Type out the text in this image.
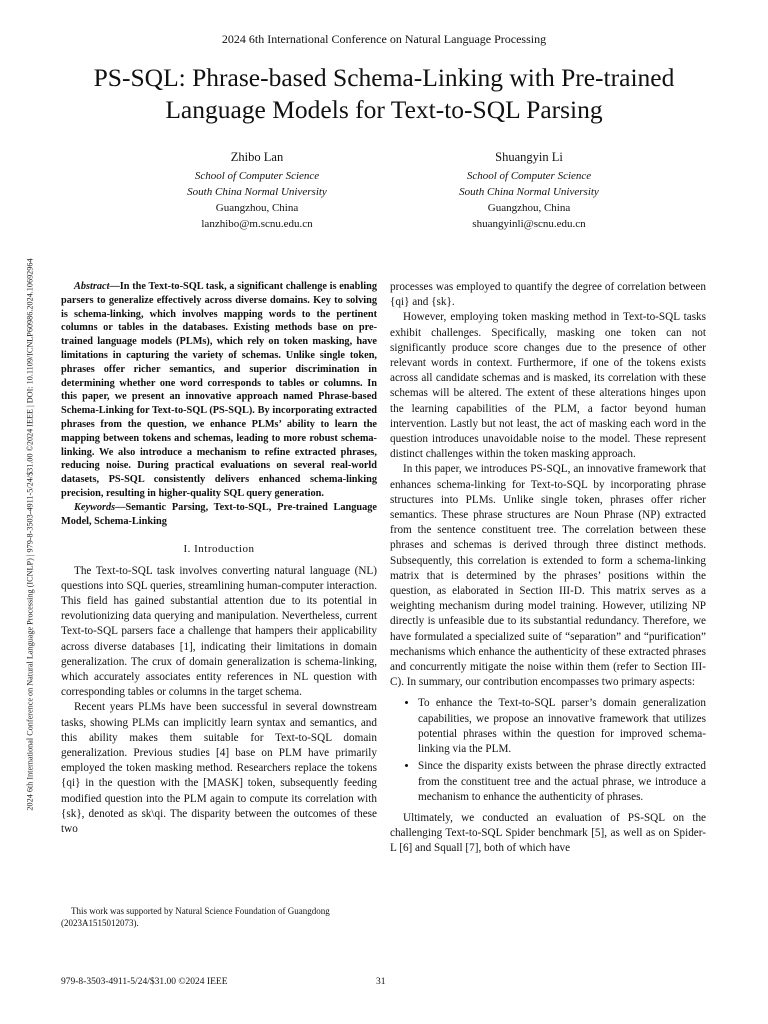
2024 6th International Conference on Natural Language Processing
PS-SQL: Phrase-based Schema-Linking with Pre-trained
Language Models for Text-to-SQL Parsing
Zhibo Lan
School of Computer Science
South China Normal University
Guangzhou, China
lanzhibo@m.scnu.edu.cn
Shuangyin Li
School of Computer Science
South China Normal University
Guangzhou, China
shuangyinli@scnu.edu.cn
2024 6th International Conference on Natural Language Processing (ICNLP) | 979-8-3503-4911-5/24/$31.00 ©2024 IEEE | DOI: 10.1109/ICNLP60986.2024.10692964	Abstract—In the Text-to-SQL task, a significant challenge is enabling parsers to generalize effectively across diverse domains. Key to solving is schema-linking, which involves mapping words to the pertinent columns or tables in the databases. Existing methods base on pre-trained language models (PLMs), which rely on token masking, have limitations in capturing the variety of schemas. Unlike single token, phrases offer richer semantics, and superior discrimination in determining whether one word corresponds to tables or columns. In this paper, we present an innovative approach named Phrase-based Schema-Linking for Text-to-SQL (PS-SQL). By incorporating extracted phrases from the question, we enhance PLMs’ ability to learn the mapping between tokens and schemas, leading to more robust schema-linking. We also introduce a mechanism to refine extracted phrases, reducing noise. During practical evaluations on several real-world datasets, PS-SQL consistently delivers enhanced schema-linking precision, resulting in higher-quality SQL query generation.

Keywords—Semantic Parsing, Text-to-SQL, Pre-trained Language Model, Schema-Linking

I. Introduction

The Text-to-SQL task involves converting natural language (NL) questions into SQL queries, streamlining human-computer interaction. This field has gained substantial attention due to its potential in revolutionizing data querying and manipulation. Nevertheless, current Text-to-SQL parsers face a challenge that hampers their applicability across diverse databases [1], indicating their limitations in domain generalization. The crux of domain generalization is schema-linking, which accurately associates entity references in NL question with corresponding tables or columns in the target schema.

Recent years PLMs have been successful in several downstream tasks, showing PLMs can implicitly learn syntax and semantics, and this ability makes them suitable for Text-to-SQL domain generalization. Previous studies [4] base on PLM have primarily employed the token masking method. Researchers replace the tokens {qi} in the question with the [MASK] token, subsequently feeding modified question into the PLM again to compute its correlation with {sk}, denoted as sk\qi. The disparity between the outcomes of these two

This work was supported by Natural Science Foundation of Guangdong (2023A1515012073).

processes was employed to quantify the degree of correlation between {qi} and {sk}.

However, employing token masking method in Text-to-SQL tasks exhibit challenges. Specifically, masking one token can not significantly produce score changes due to the presence of other relevant words in context. Furthermore, if one of the tokens exists across all candidate schemas and is masked, its correlation with these schemas will be altered. The extent of these alterations hinges upon the learning capabilities of the PLM, a factor beyond human intervention. Lastly but not least, the act of masking each word in the question introduces unavoidable noise to the model. These represent distinct challenges within the token masking approach.

In this paper, we introduces PS-SQL, an innovative framework that enhances schema-linking for Text-to-SQL by incorporating phrase structures into PLMs. Unlike single token, phrases offer richer semantics. These phrase structures are Noun Phrase (NP) extracted from the sentence constituent tree. The correlation between these phrases and schemas is derived through three distinct methods. Subsequently, this correlation is extended to form a schema-linking matrix that is determined by the phrases’ positions within the question, as elaborated in Section III-D. This matrix serves as a weighting mechanism during model training. However, utilizing NP directly is unfeasible due to its substantial redundancy. Therefore, we have formulated a specialized suite of “separation” and “purification” mechanisms which enhance the authenticity of these extracted phrases and concurrently mitigate the noise within them (refer to Section III-C). In summary, our contribution encompasses two primary aspects:

• To enhance the Text-to-SQL parser’s domain generalization capabilities, we propose an innovative framework that utilizes potential phrases within the question for improved schema-linking via the PLM.
• Since the disparity exists between the phrase directly extracted from the constituent tree and the actual phrase, we introduce a mechanism to enhance the authenticity of phrases.

Ultimately, we conducted an evaluation of PS-SQL on the challenging Text-to-SQL Spider benchmark [5], as well as on Spider-L [6] and Squall [7], both of which have

979-8-3503-4911-5/24/$31.00 ©2024 IEEE	31
